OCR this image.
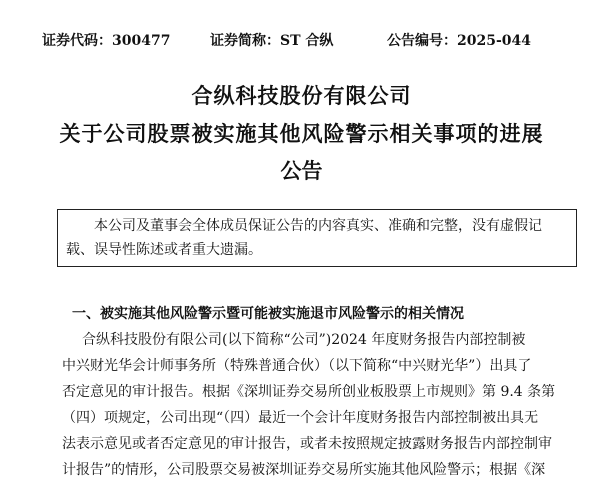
证券代码：300477	证券简称：ST 合纵	公告编号：2025-044
合纵科技股份有限公司
关于公司股票被实施其他风险警示相关事项的进展
公告

本公司及董事会全体成员保证公告的内容真实、准确和完整，没有虚假记

载、误导性陈述或者重大遗漏。

一、被实施其他风险警示暨可能被实施退市风险警示的相关情况
合纵科技股份有限公司(以下简称“公司”)2024 年度财务报告内部控制被
中兴财光华会计师事务所（特殊普通合伙）（以下简称“中兴财光华”）出具了
否定意见的审计报告。根据《深圳证券交易所创业板股票上市规则》第 9.4 条第
（四）项规定，公司出现“（四）最近一个会计年度财务报告内部控制被出具无
法表示意见或者否定意见的审计报告，或者未按照规定披露财务报告内部控制审
计报告”的情形，公司股票交易被深圳证券交易所实施其他风险警示；根据《深
